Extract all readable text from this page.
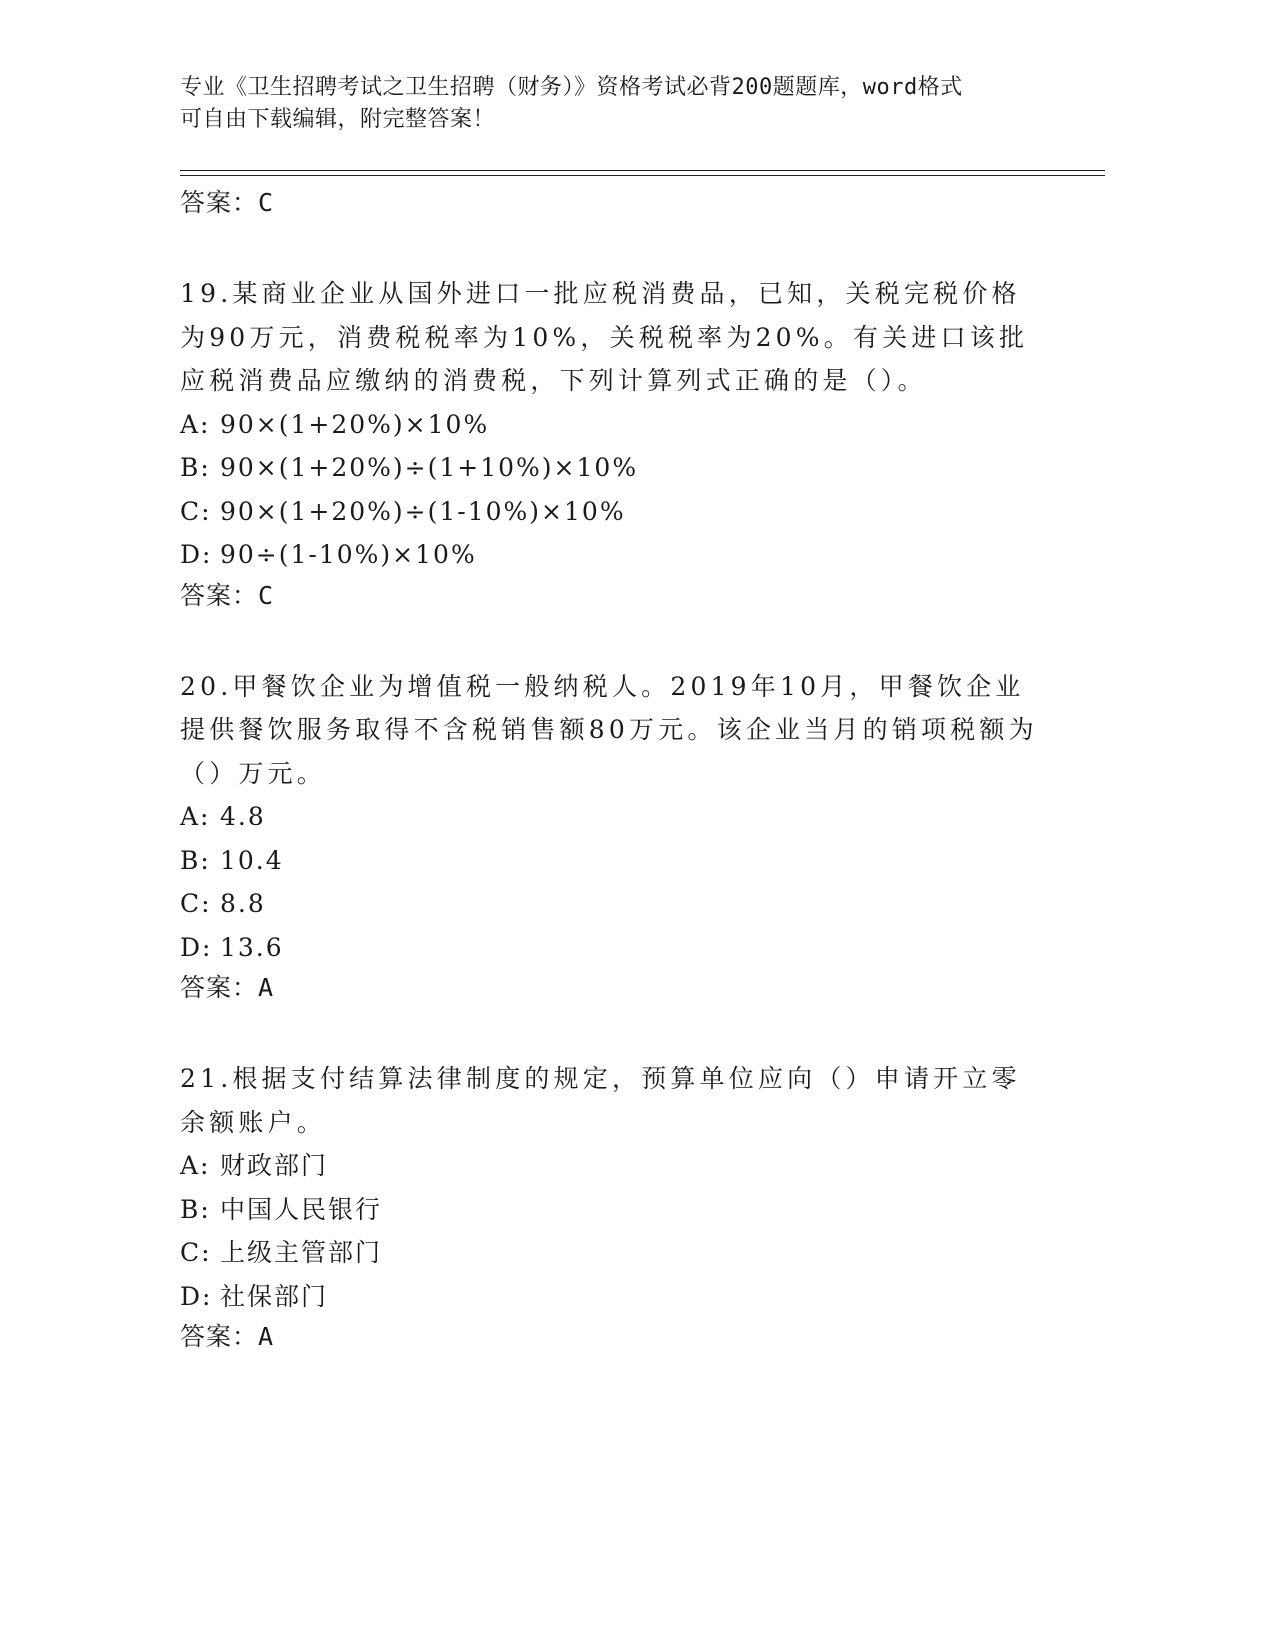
专业《卫生招聘考试之卫生招聘（财务）》资格考试必背200题题库，word格式
可自由下载编辑，附完整答案！
答案：C

19.某商业企业从国外进口一批应税消费品，已知，关税完税价格为90万元，消费税税率为10%，关税税率为20%。有关进口该批应税消费品应缴纳的消费税，下列计算列式正确的是（）。

A: 90×(1+20%)×10%
B: 90×(1+20%)÷(1+10%)×10%
C: 90×(1+20%)÷(1-10%)×10%
D: 90÷(1-10%)×10%
答案：C

20.甲餐饮企业为增值税一般纳税人。2019年10月，甲餐饮企业提供餐饮服务取得不含税销售额80万元。该企业当月的销项税额为（）万元。

A: 4.8
B: 10.4
C: 8.8
D: 13.6
答案：A

21.根据支付结算法律制度的规定，预算单位应向（）申请开立零余额账户。

A: 财政部门
B: 中国人民银行
C: 上级主管部门
D: 社保部门
答案：A
